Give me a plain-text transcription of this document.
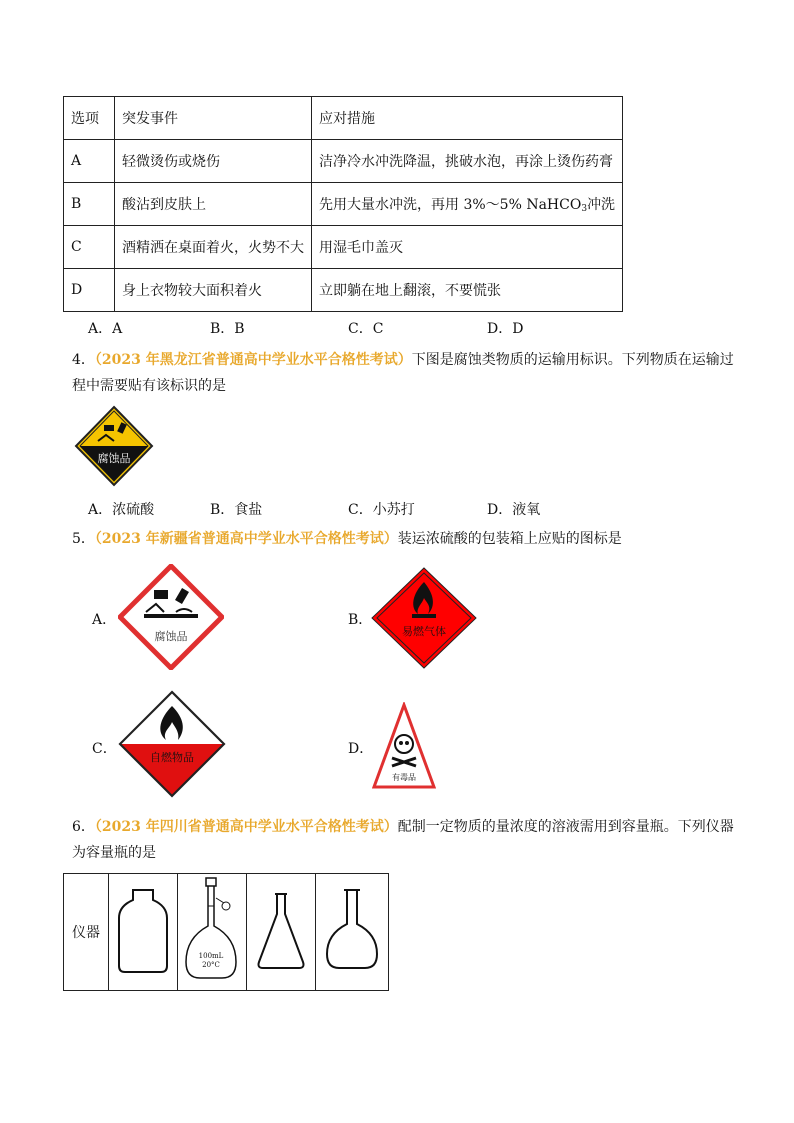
选项	突发事件	应对措施
A	轻微烫伤或烧伤	洁净冷水冲洗降温，挑破水泡，再涂上烫伤药膏
B	酸沾到皮肤上	先用大量水冲洗，再用 3%～5% NaHCO$_3$冲洗
C	酒精洒在桌面着火，火势不大	用湿毛巾盖灭
D	身上衣物较大面积着火	立即躺在地上翻滚，不要慌张
A．A	B．B	C．C	D．D
4．（2023 年黑龙江省普通高中学业水平合格性考试）下图是腐蚀类物质的运输用标识。下列物质在运输过
程中需要贴有该标识的是
腐蚀品
A．浓硫酸	B．食盐	C．小苏打	D．液氧
5．（2023 年新疆省普通高中学业水平合格性考试）装运浓硫酸的包装箱上应贴的图标是
A．
腐蚀品
B．
易燃气体
C．
自燃物品
D．
有毒品
6．（2023 年四川省普通高中学业水平合格性考试）配制一定物质的量浓度的溶液需用到容量瓶。下列仪器
为容量瓶的是
仪器		
100mL
20°C
